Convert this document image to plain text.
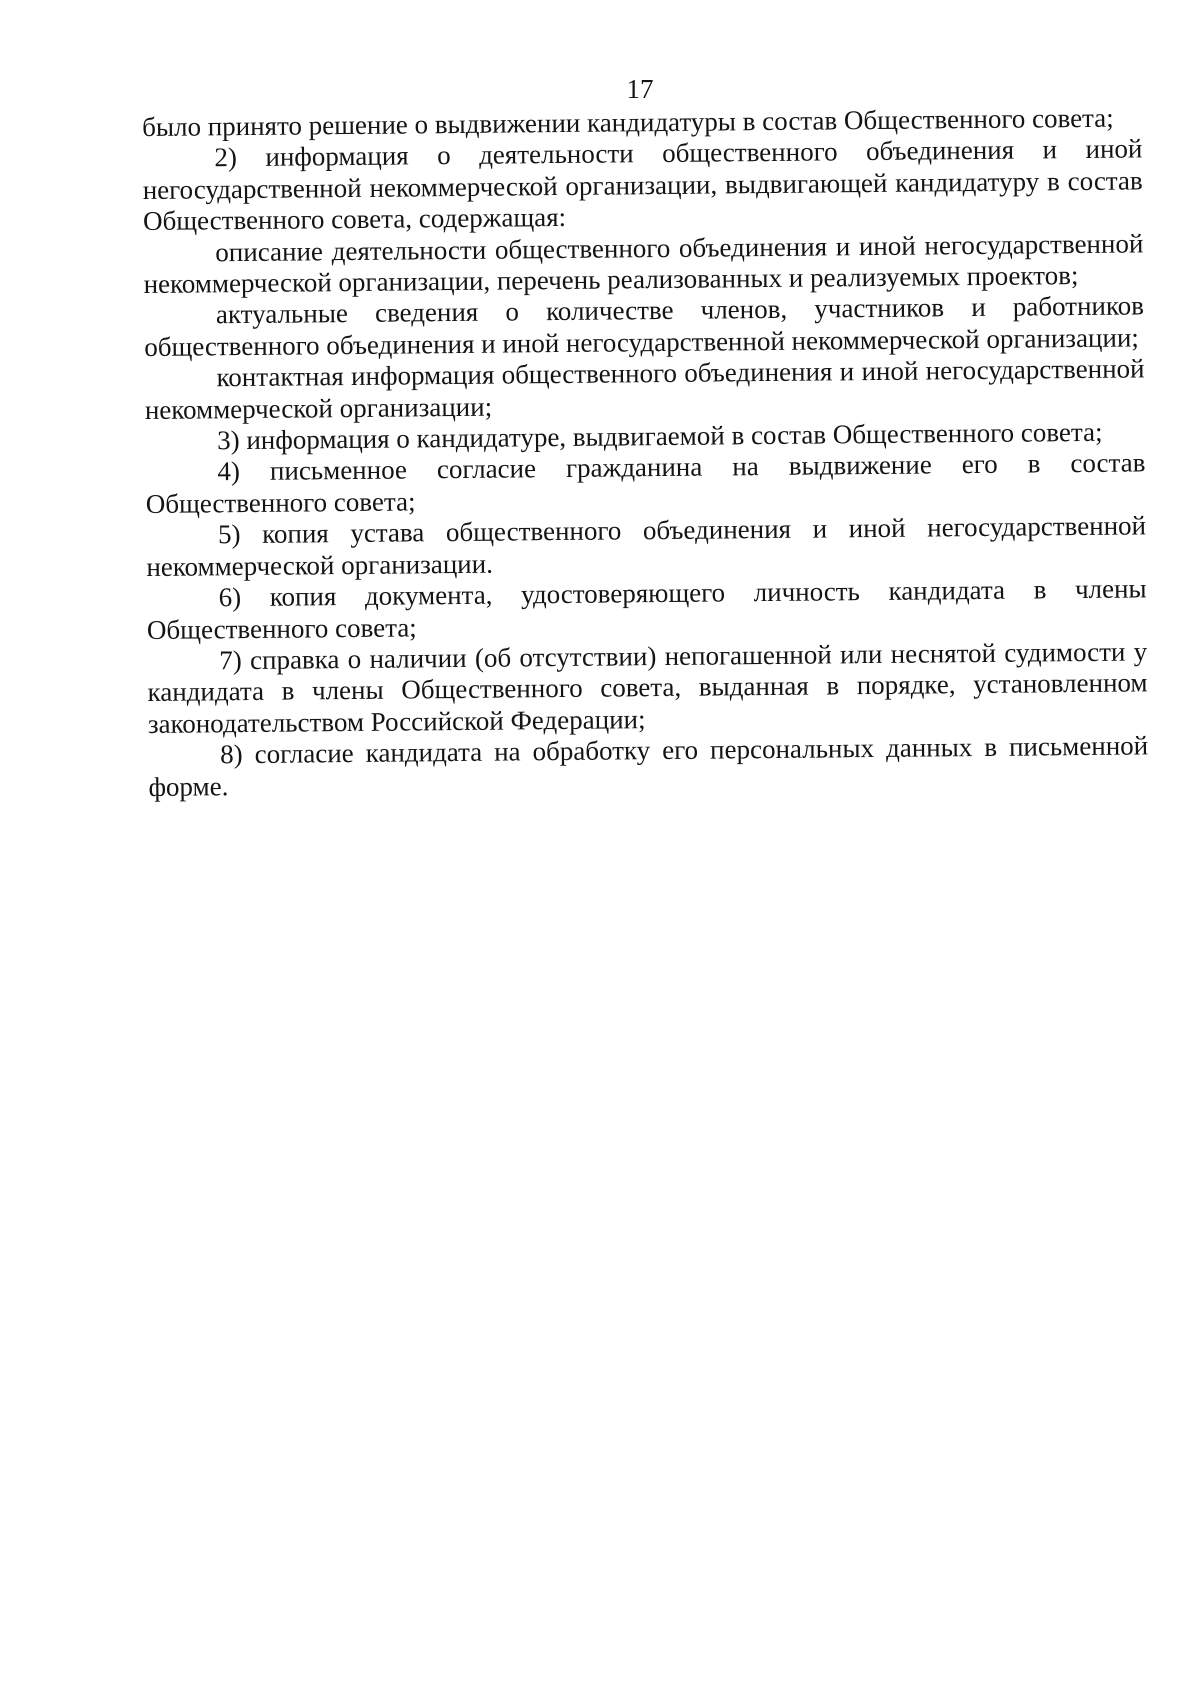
17

было принято решение о выдвижении кандидатуры в состав Общественного совета;

2) информация о деятельности общественного объединения и иной негосударственной некоммерческой организации, выдвигающей кандидатуру в состав Общественного совета, содержащая:

описание деятельности общественного объединения и иной негосударственной некоммерческой организации, перечень реализованных и реализуемых проектов;

актуальные сведения о количестве членов, участников и работников общественного объединения и иной негосударственной некоммерческой организации;

контактная информация общественного объединения и иной негосударственной некоммерческой организации;

3) информация о кандидатуре, выдвигаемой в состав Общественного совета;

4) письменное согласие гражданина на выдвижение его в состав Общественного совета;

5) копия устава общественного объединения и иной негосударственной некоммерческой организации.

6) копия документа, удостоверяющего личность кандидата в члены Общественного совета;

7) справка о наличии (об отсутствии) непогашенной или неснятой судимости у кандидата в члены Общественного совета, выданная в порядке, установленном законодательством Российской Федерации;

8) согласие кандидата на обработку его персональных данных в письменной форме.
